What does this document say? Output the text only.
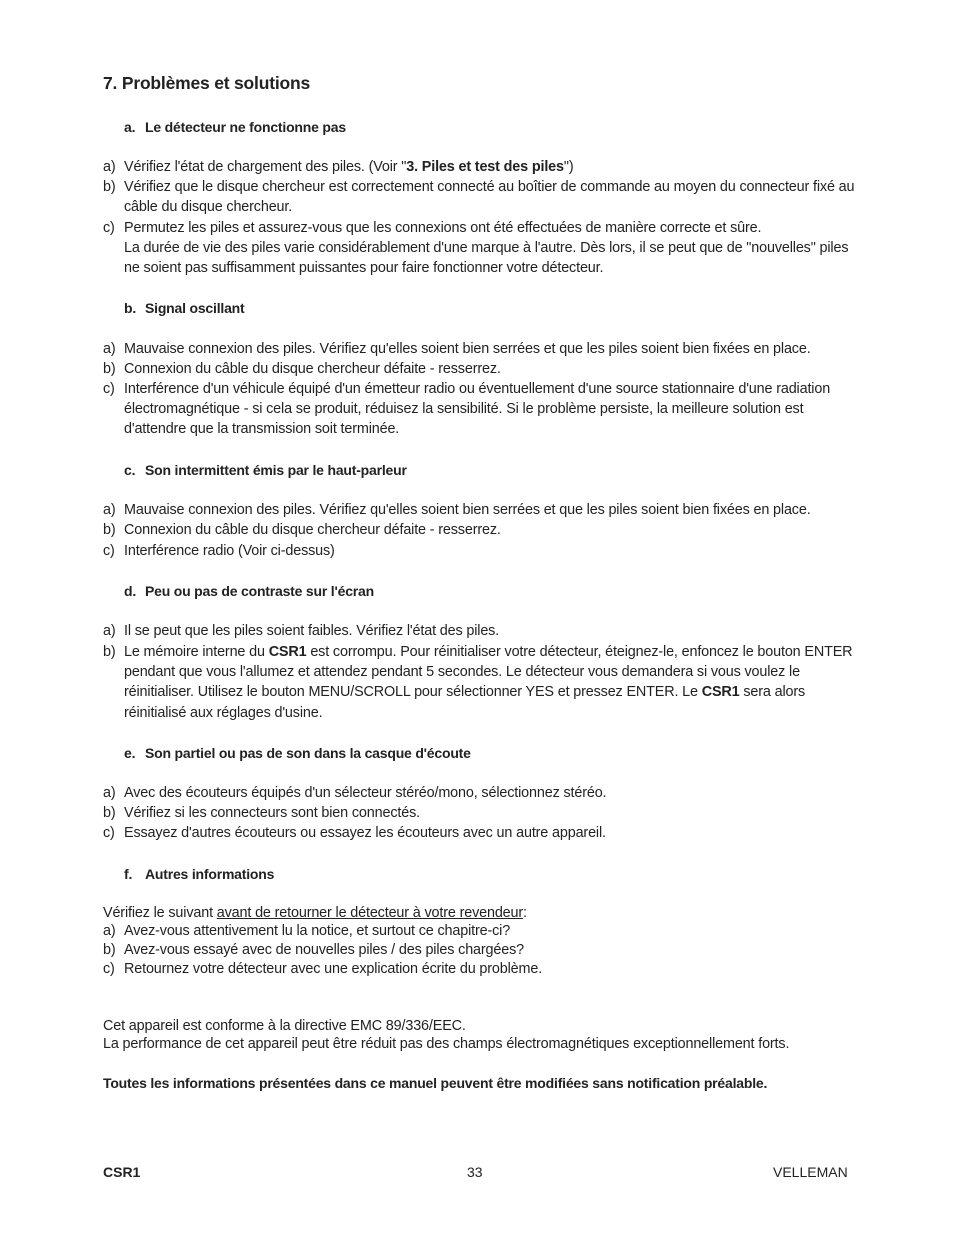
7. Problèmes et solutions
a. Le détecteur ne fonctionne pas
a) Vérifiez l'état de chargement des piles. (Voir "3. Piles et test des piles")
b) Vérifiez que le disque chercheur est correctement connecté au boîtier de commande au moyen du connecteur fixé au câble du disque chercheur.
c) Permutez les piles et assurez-vous que les connexions ont été effectuées de manière correcte et sûre.
La durée de vie des piles varie considérablement d'une marque à l'autre. Dès lors, il se peut que de "nouvelles" piles ne soient pas suffisamment puissantes pour faire fonctionner votre détecteur.
b. Signal oscillant
a) Mauvaise connexion des piles. Vérifiez qu'elles soient bien serrées et que les piles soient bien fixées en place.
b) Connexion du câble du disque chercheur défaite - resserrez.
c) Interférence d'un véhicule équipé d'un émetteur radio ou éventuellement d'une source stationnaire d'une radiation électromagnétique - si cela se produit, réduisez la sensibilité. Si le problème persiste, la meilleure solution est d'attendre que la transmission soit terminée.
c. Son intermittent émis par le haut-parleur
a) Mauvaise connexion des piles. Vérifiez qu'elles soient bien serrées et que les piles soient bien fixées en place.
b) Connexion du câble du disque chercheur défaite - resserrez.
c) Interférence radio (Voir ci-dessus)
d. Peu ou pas de contraste sur l'écran
a) Il se peut que les piles soient faibles. Vérifiez l'état des piles.
b) Le mémoire interne du CSR1 est corrompu. Pour réinitialiser votre détecteur, éteignez-le, enfoncez le bouton ENTER pendant que vous l'allumez et attendez pendant 5 secondes. Le détecteur vous demandera si vous voulez le réinitialiser. Utilisez le bouton MENU/SCROLL pour sélectionner YES et pressez ENTER. Le CSR1 sera alors réinitialisé aux réglages d'usine.
e. Son partiel ou pas de son dans la casque d'écoute
a) Avec des écouteurs équipés d'un sélecteur stéréo/mono, sélectionnez stéréo.
b) Vérifiez si les connecteurs sont bien connectés.
c) Essayez d'autres écouteurs ou essayez les écouteurs avec un autre appareil.
f. Autres informations
Vérifiez le suivant avant de retourner le détecteur à votre revendeur:
a) Avez-vous attentivement lu la notice, et surtout ce chapitre-ci?
b) Avez-vous essayé avec de nouvelles piles / des piles chargées?
c) Retournez votre détecteur avec une explication écrite du problème.
Cet appareil est conforme à la directive EMC 89/336/EEC.
La performance de cet appareil peut être réduit pas des champs électromagnétiques exceptionnellement forts.
Toutes les informations présentées dans ce manuel peuvent être modifiées sans notification préalable.
CSR1	33	VELLEMAN
